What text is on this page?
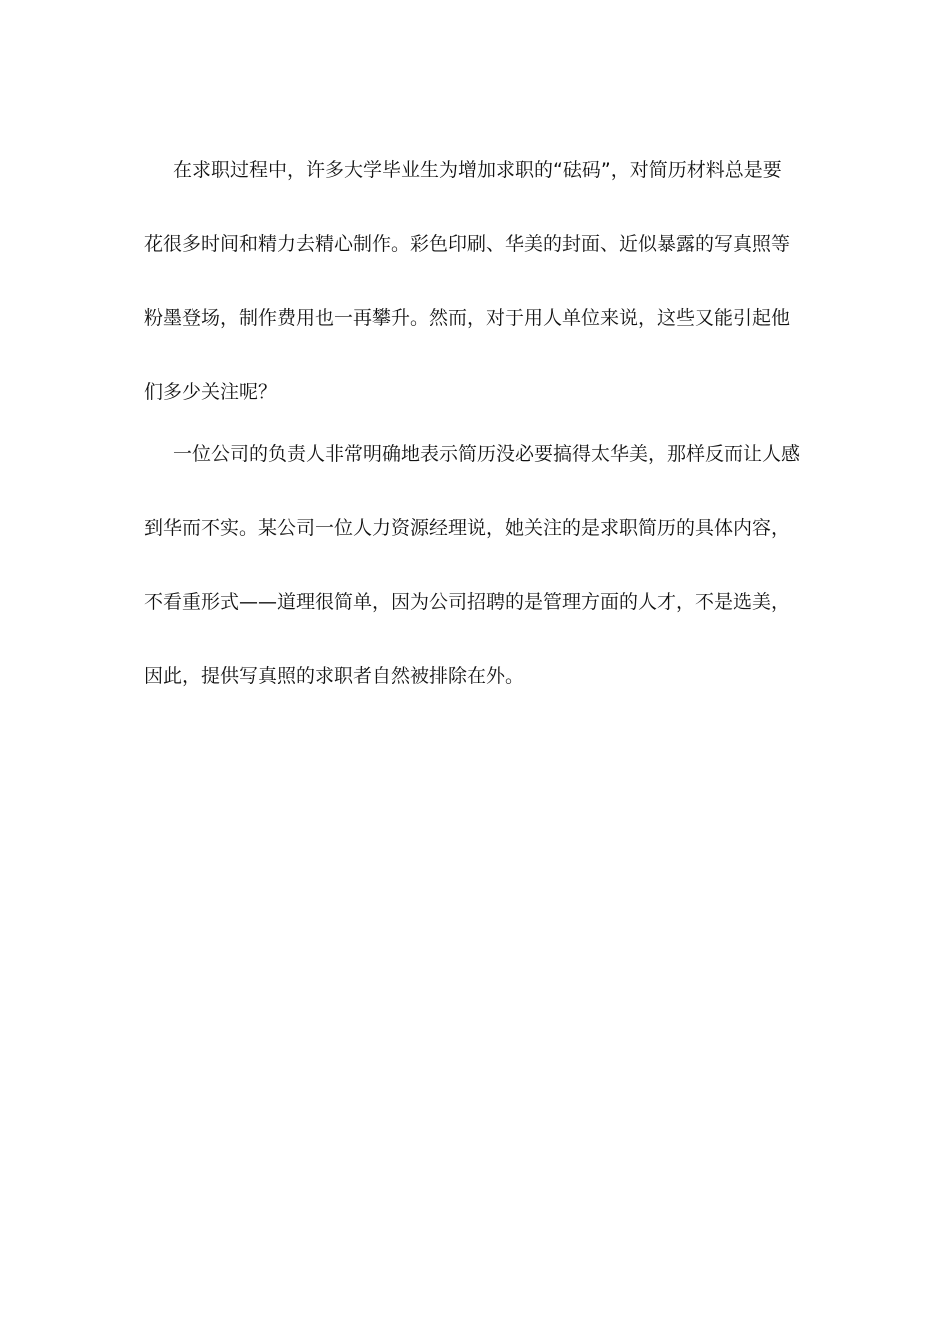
在求职过程中，许多大学毕业生为增加求职的“砝码”，对简历材料总是要
花很多时间和精力去精心制作。彩色印刷、华美的封面、近似暴露的写真照等
粉墨登场，制作费用也一再攀升。然而，对于用人单位来说，这些又能引起他
们多少关注呢？

一位公司的负责人非常明确地表示简历没必要搞得太华美，那样反而让人感
到华而不实。某公司一位人力资源经理说，她关注的是求职简历的具体内容，
不看重形式——道理很简单，因为公司招聘的是管理方面的人才，不是选美，
因此，提供写真照的求职者自然被排除在外。
